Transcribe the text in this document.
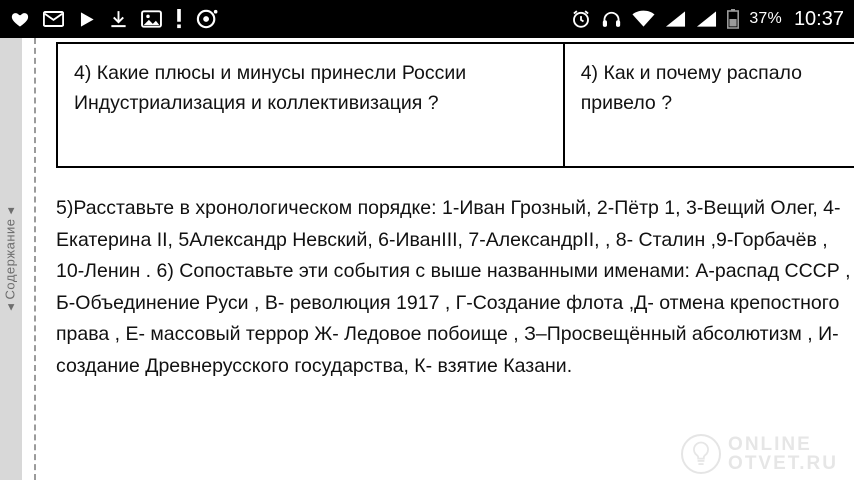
37% 10:37
◂ Содержание ◂
4) Какие плюсы и минусы принесли России Индустриализация и коллективизация ?
4) Как и почему распало привело ?
5)Расставьте в хронологическом порядке: 1-Иван Грозный, 2-Пётр 1, 3-Вещий Олег, 4-Екатерина II, 5Александр Невский, 6-ИванIII, 7-АлександрII, , 8- Сталин ,9-Горбачёв , 10-Ленин . 6) Сопоставьте эти события с выше названными именами: А-распад СССР , Б-Объединение Руси , В- революция 1917 , Г-Создание флота ,Д- отмена крепостного права , Е- массовый террор Ж- Ледовое побоище , З–Просвещённый абсолютизм , И- создание Древнерусского государства, К- взятие Казани.
ONLINE
OTVET.RU
